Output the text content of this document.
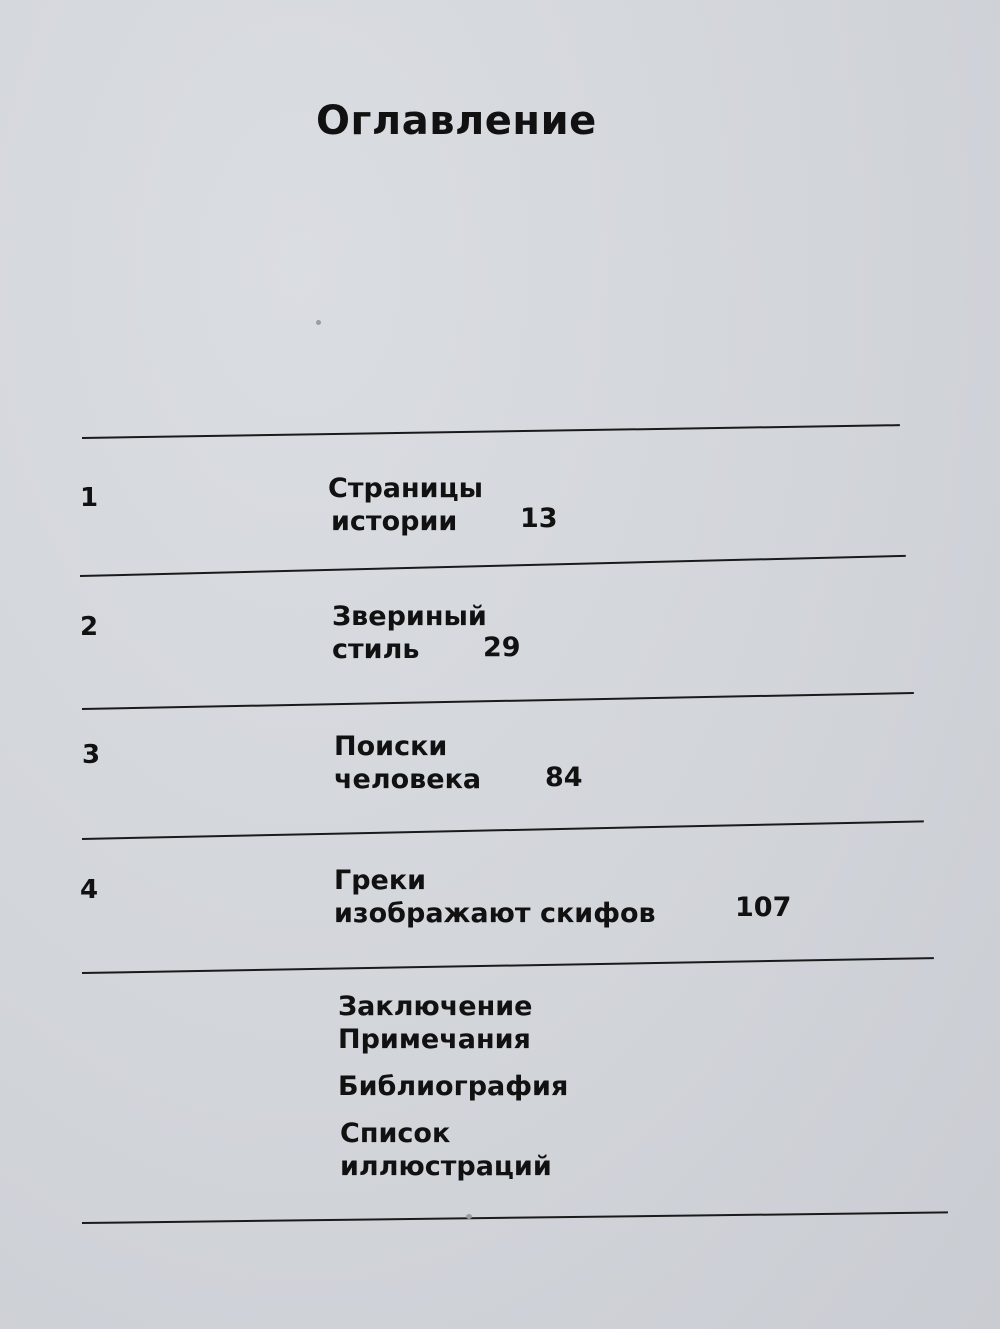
Оглавление
1	Страницы
истории	13
2	Звериный
стиль	29
3	Поиски
человека 84
4	Греки
изображают скифов	107
Заключение
Примечания
Библиография
Список
иллюстраций
